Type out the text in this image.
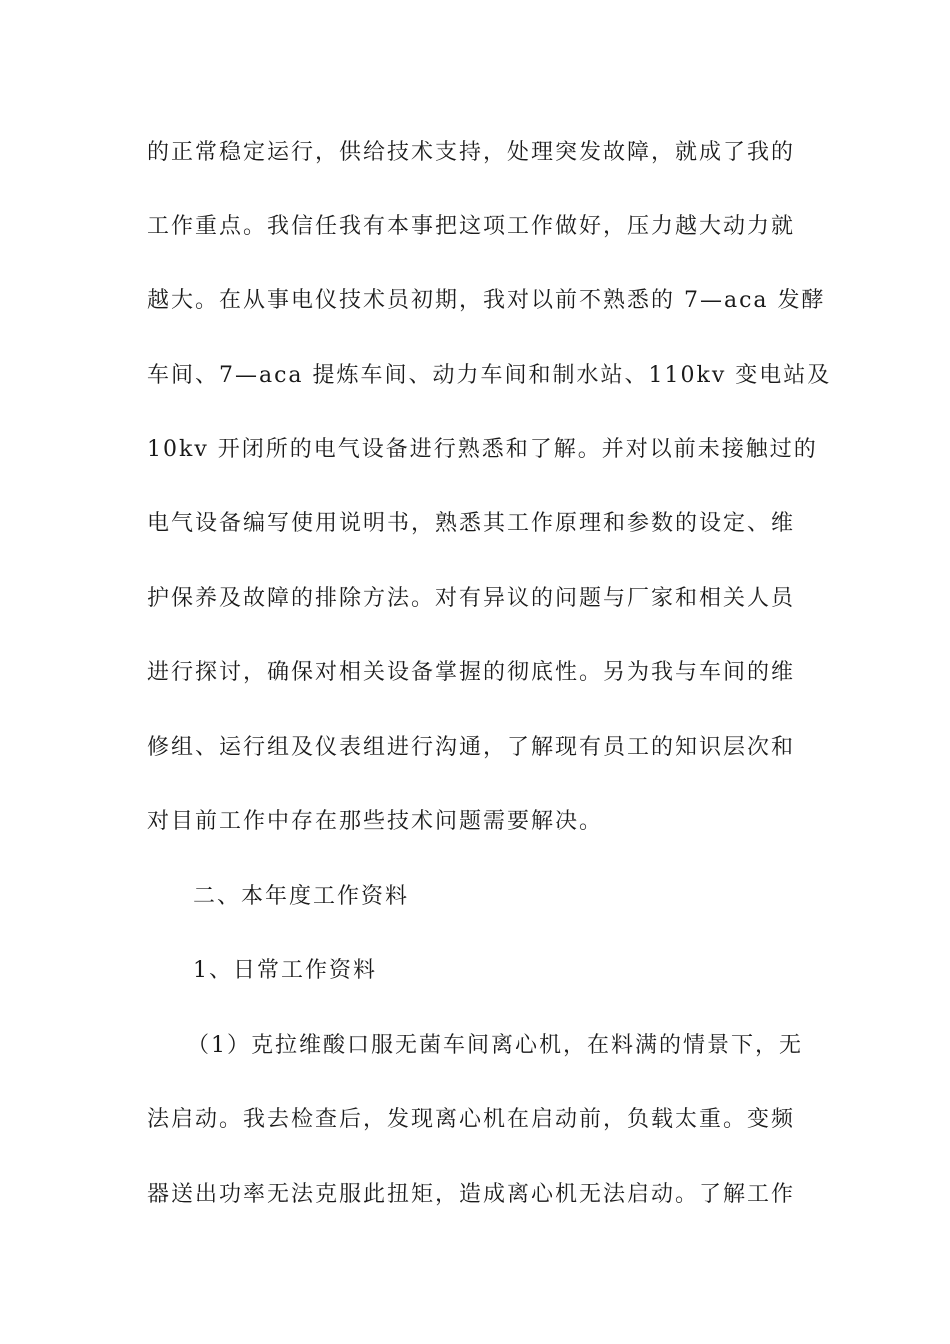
的正常稳定运行，供给技术支持，处理突发故障，就成了我的
工作重点。我信任我有本事把这项工作做好，压力越大动力就
越大。在从事电仪技术员初期，我对以前不熟悉的 7—aca 发酵
车间、7—aca 提炼车间、动力车间和制水站、110kv 变电站及
10kv 开闭所的电气设备进行熟悉和了解。并对以前未接触过的
电气设备编写使用说明书，熟悉其工作原理和参数的设定、维
护保养及故障的排除方法。对有异议的问题与厂家和相关人员
进行探讨，确保对相关设备掌握的彻底性。另为我与车间的维
修组、运行组及仪表组进行沟通，了解现有员工的知识层次和
对目前工作中存在那些技术问题需要解决。
二、本年度工作资料
1、日常工作资料
（1）克拉维酸口服无菌车间离心机，在料满的情景下，无
法启动。我去检查后，发现离心机在启动前，负载太重。变频
器送出功率无法克服此扭矩，造成离心机无法启动。了解工作
